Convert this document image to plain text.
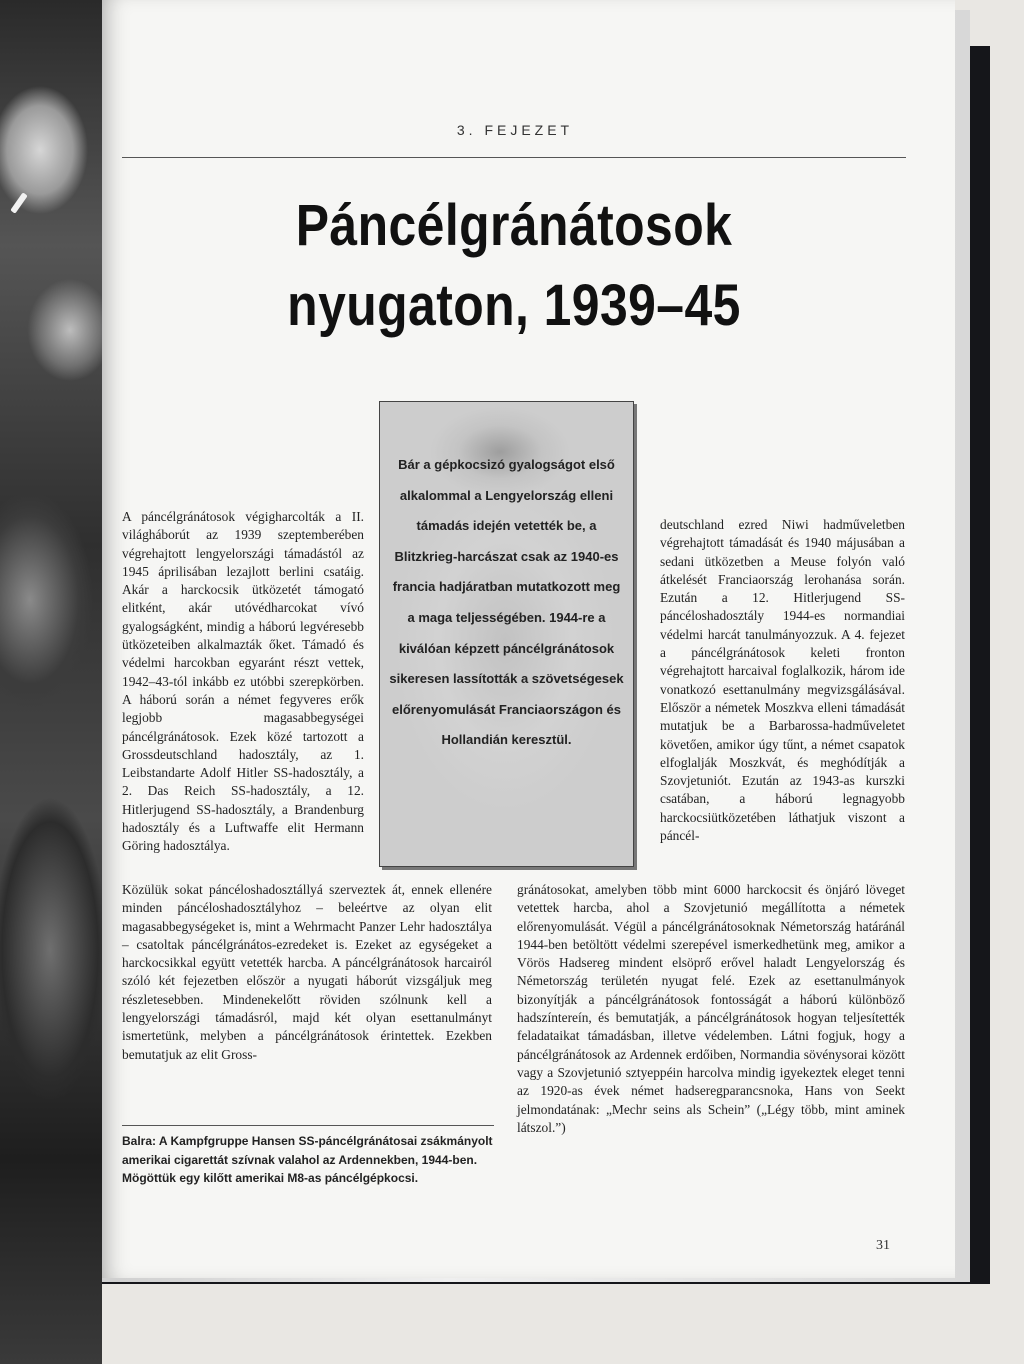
3. FEJEZET
Páncélgránátosok nyugaton, 1939–45

Bár a gépkocsizó gyalogságot első alkalommal a Lengyelország elleni támadás idején vetették be, a Blitzkrieg-harcászat csak az 1940-es francia hadjáratban mutatkozott meg a maga teljességében. 1944-re a kiválóan képzett páncélgránátosok sikeresen lassították a szövetségesek előrenyomulását Franciaországon és Hollandián keresztül.

A páncélgránátosok végigharcolták a II. világháborút az 1939 szeptemberében végrehajtott lengyelországi támadástól az 1945 áprilisában lezajlott berlini csatáig. Akár a harckocsik ütközetét támogató elitként, akár utóvédharcokat vívó gyalogságként, mindig a háború legvéresebb ütközeteiben alkalmazták őket. Támadó és védelmi harcokban egyaránt részt vettek, 1942–43-tól inkább ez utóbbi szerepkörben. A háború során a német fegyveres erők legjobb magasabbegységei páncélgránátosok. Ezek közé tartozott a Grossdeutschland hadosztály, az 1. Leibstandarte Adolf Hitler SS-hadosztály, a 2. Das Reich SS-hadosztály, a 12. Hitlerjugend SS-hadosztály, a Brandenburg hadosztály és a Luftwaffe elit Hermann Göring hadosztálya.

deutschland ezred Niwi hadműveletben végrehajtott támadását és 1940 májusában a sedani ütközetben a Meuse folyón való átkelését Franciaország lerohanása során. Ezután a 12. Hitlerjugend SS-páncéloshadosztály 1944-es normandiai védelmi harcát tanulmányozzuk. A 4. fejezet a páncélgránátosok keleti fronton végrehajtott harcaival foglalkozik, három ide vonatkozó esettanulmány megvizsgálásával. Először a németek Moszkva elleni támadását mutatjuk be a Barbarossa-hadműveletet követően, amikor úgy tűnt, a német csapatok elfoglalják Moszkvát, és meghódítják a Szovjetuniót. Ezután az 1943-as kurszki csatában, a háború legnagyobb harckocsiütközetében láthatjuk viszont a páncél-

Közülük sokat páncéloshadosztállyá szerveztek át, ennek ellenére minden páncéloshadosztályhoz – beleértve az olyan elit magasabbegységeket is, mint a Wehrmacht Panzer Lehr hadosztálya – csatoltak páncélgránátos-ezredeket is. Ezeket az egységeket a harckocsikkal együtt vetették harcba. A páncélgránátosok harcairól szóló két fejezetben először a nyugati háborút vizsgáljuk meg részletesebben. Mindenekelőtt röviden szólnunk kell a lengyelországi támadásról, majd két olyan esettanulmányt ismertetünk, melyben a páncélgránátosok érintettek. Ezekben bemutatjuk az elit Gross-

gránátosokat, amelyben több mint 6000 harckocsit és önjáró löveget vetettek harcba, ahol a Szovjetunió megállította a németek előrenyomulását. Végül a páncélgránátosoknak Németország határánál 1944-ben betöltött védelmi szerepével ismerkedhetünk meg, amikor a Vörös Hadsereg mindent elsöprő erővel haladt Lengyelország és Németország területén nyugat felé. Ezek az esettanulmányok bizonyítják a páncélgránátosok fontosságát a háború különböző hadszíntereín, és bemutatják, a páncélgránátosok hogyan teljesítették feladataikat támadásban, illetve védelemben. Látni fogjuk, hogy a páncélgránátosok az Ardennek erdőiben, Normandia sövénysorai között vagy a Szovjetunió sztyeppéin harcolva mindig igyekeztek eleget tenni az 1920-as évek német hadseregparancsnoka, Hans von Seekt jelmondatának: „Mechr seins als Schein” („Légy több, mint aminek látszol.”)

Balra: A Kampfgruppe Hansen SS-páncélgránátosai zsákmányolt amerikai cigarettát szívnak valahol az Ardennekben, 1944-ben. Mögöttük egy kilőtt amerikai M8-as páncélgépkocsi.

31
